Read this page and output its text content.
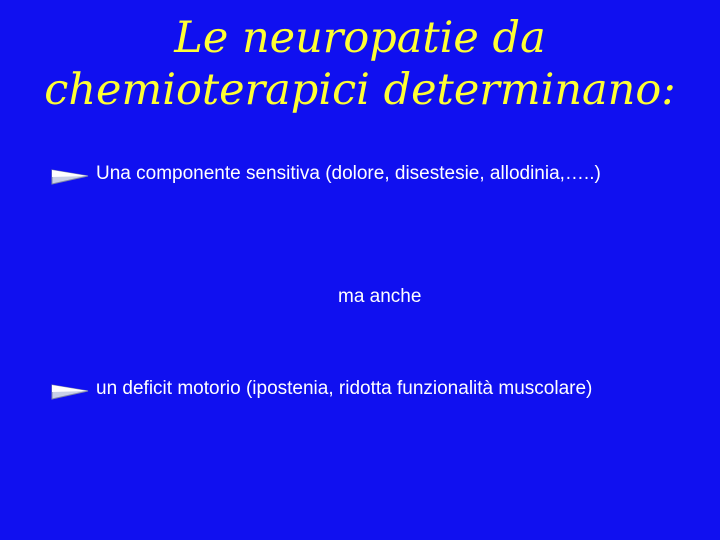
Le neuropatie da
chemioterapici determinano:
Una componente sensitiva (dolore, disestesie, allodinia,…..)
ma anche
un deficit motorio (ipostenia, ridotta funzionalità muscolare)
